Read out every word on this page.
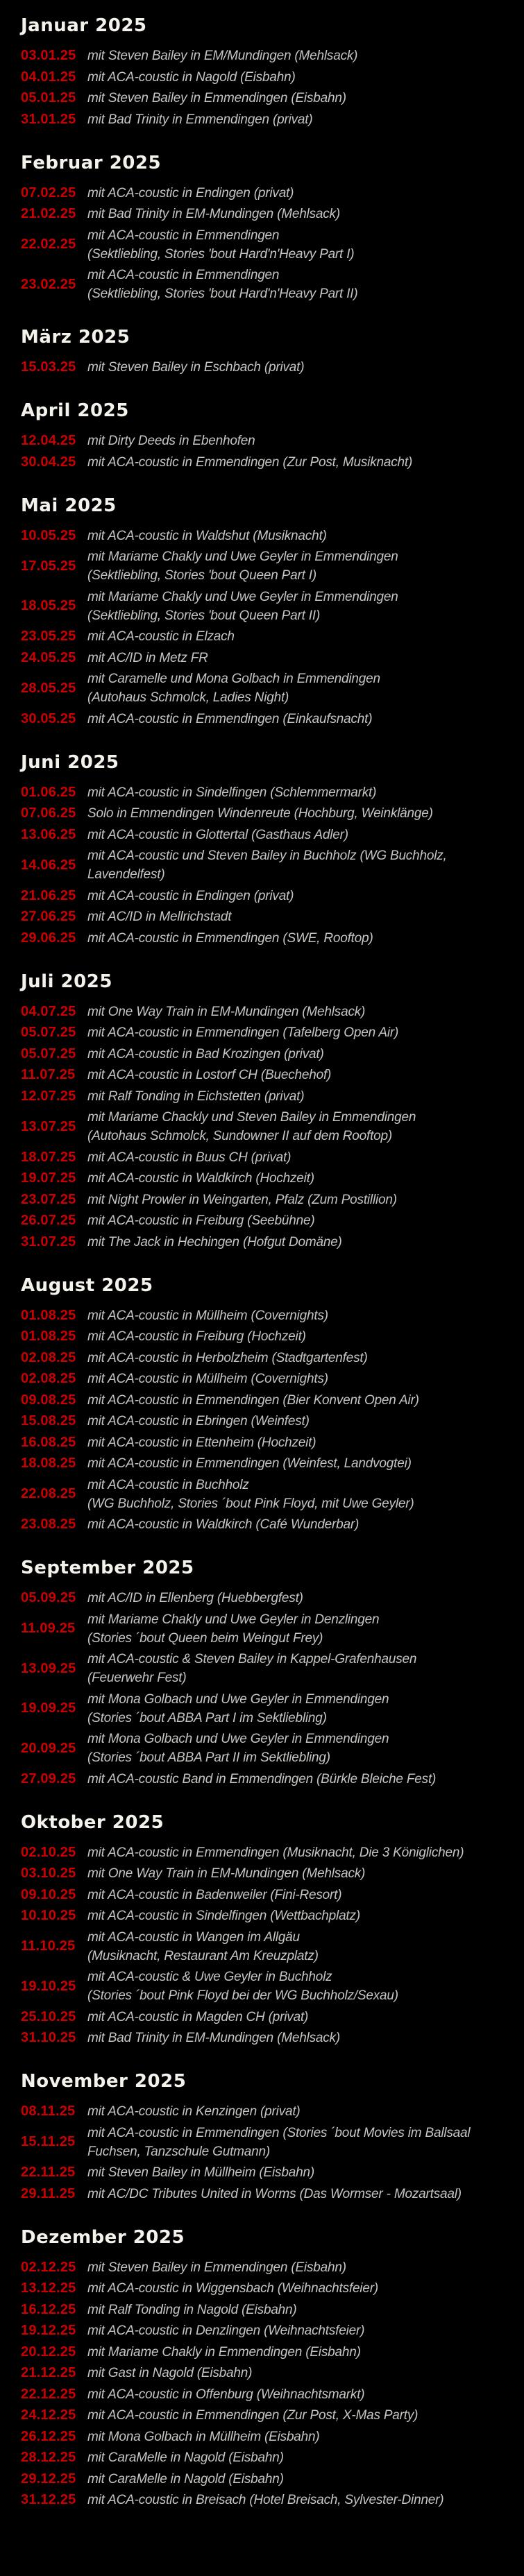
Januar 2025
03.01.25 mit Steven Bailey in EM/Mundingen (Mehlsack)
04.01.25 mit ACA-coustic in Nagold (Eisbahn)
05.01.25 mit Steven Bailey in Emmendingen (Eisbahn)
31.01.25 mit Bad Trinity in Emmendingen (privat)
Februar 2025
07.02.25 mit ACA-coustic in Endingen (privat)
21.02.25 mit Bad Trinity in EM-Mundingen (Mehlsack)
22.02.25
mit ACA-coustic in Emmendingen
(Sektliebling, Stories 'bout Hard'n'Heavy Part I)
23.02.25
mit ACA-coustic in Emmendingen
(Sektliebling, Stories 'bout Hard'n'Heavy Part II)
März 2025
15.03.25 mit Steven Bailey in Eschbach (privat)
April 2025
12.04.25 mit Dirty Deeds in Ebenhofen
30.04.25 mit ACA-coustic in Emmendingen (Zur Post, Musiknacht)
Mai 2025
10.05.25 mit ACA-coustic in Waldshut (Musiknacht)
17.05.25
mit Mariame Chakly und Uwe Geyler in Emmendingen
(Sektliebling, Stories 'bout Queen Part I)
18.05.25
mit Mariame Chakly und Uwe Geyler in Emmendingen
(Sektliebling, Stories 'bout Queen Part II)
23.05.25 mit ACA-coustic in Elzach
24.05.25 mit AC/ID in Metz FR
28.05.25
mit Caramelle und Mona Golbach in Emmendingen
(Autohaus Schmolck, Ladies Night)
30.05.25 mit ACA-coustic in Emmendingen (Einkaufsnacht)
Juni 2025
01.06.25 mit ACA-coustic in Sindelfingen (Schlemmermarkt)
07.06.25 Solo in Emmendingen Windenreute (Hochburg, Weinklänge)
13.06.25 mit ACA-coustic in Glottertal (Gasthaus Adler)
14.06.25
mit ACA-coustic und Steven Bailey in Buchholz (WG Buchholz,
Lavendelfest)
21.06.25 mit ACA-coustic in Endingen (privat)
27.06.25 mit AC/ID in Mellrichstadt
29.06.25 mit ACA-coustic in Emmendingen (SWE, Rooftop)
Juli 2025
04.07.25 mit One Way Train in EM-Mundingen (Mehlsack)
05.07.25 mit ACA-coustic in Emmendingen (Tafelberg Open Air)
05.07.25 mit ACA-coustic in Bad Krozingen (privat)
11.07.25 mit ACA-coustic in Lostorf CH (Buechehof)
12.07.25 mit Ralf Tonding in Eichstetten (privat)
13.07.25
mit Mariame Chackly und Steven Bailey in Emmendingen
(Autohaus Schmolck, Sundowner II auf dem Rooftop)
18.07.25 mit ACA-coustic in Buus CH (privat)
19.07.25 mit ACA-coustic in Waldkirch (Hochzeit)
23.07.25 mit Night Prowler in Weingarten, Pfalz (Zum Postillion)
26.07.25 mit ACA-coustic in Freiburg (Seebühne)
31.07.25 mit The Jack in Hechingen (Hofgut Domäne)
August 2025
01.08.25 mit ACA-coustic in Müllheim (Covernights)
01.08.25 mit ACA-coustic in Freiburg (Hochzeit)
02.08.25 mit ACA-coustic in Herbolzheim (Stadtgartenfest)
02.08.25 mit ACA-coustic in Müllheim (Covernights)
09.08.25 mit ACA-coustic in Emmendingen (Bier Konvent Open Air)
15.08.25 mit ACA-coustic in Ebringen (Weinfest)
16.08.25 mit ACA-coustic in Ettenheim (Hochzeit)
18.08.25 mit ACA-coustic in Emmendingen (Weinfest, Landvogtei)
22.08.25
mit ACA-coustic in Buchholz
(WG Buchholz, Stories ´bout Pink Floyd, mit Uwe Geyler)
23.08.25 mit ACA-coustic in Waldkirch (Café Wunderbar)
September 2025
05.09.25 mit AC/ID in Ellenberg (Huebbergfest)
11.09.25
mit Mariame Chakly und Uwe Geyler in Denzlingen
(Stories ´bout Queen beim Weingut Frey)
13.09.25
mit ACA-coustic & Steven Bailey in Kappel-Grafenhausen
(Feuerwehr Fest)
19.09.25
mit Mona Golbach und Uwe Geyler in Emmendingen
(Stories ´bout ABBA Part I im Sektliebling)
20.09.25
mit Mona Golbach und Uwe Geyler in Emmendingen
(Stories ´bout ABBA Part II im Sektliebling)
27.09.25 mit ACA-coustic Band in Emmendingen (Bürkle Bleiche Fest)
Oktober 2025
02.10.25 mit ACA-coustic in Emmendingen (Musiknacht, Die 3 Königlichen)
03.10.25 mit One Way Train in EM-Mundingen (Mehlsack)
09.10.25 mit ACA-coustic in Badenweiler (Fini-Resort)
10.10.25 mit ACA-coustic in Sindelfingen (Wettbachplatz)
11.10.25
mit ACA-coustic in Wangen im Allgäu
(Musiknacht, Restaurant Am Kreuzplatz)
19.10.25
mit ACA-coustic & Uwe Geyler in Buchholz
(Stories ´bout Pink Floyd bei der WG Buchholz/Sexau)
25.10.25 mit ACA-coustic in Magden CH (privat)
31.10.25 mit Bad Trinity in EM-Mundingen (Mehlsack)
November 2025
08.11.25 mit ACA-coustic in Kenzingen (privat)
15.11.25
mit ACA-coustic in Emmendingen (Stories ´bout Movies im Ballsaal
Fuchsen, Tanzschule Gutmann)
22.11.25 mit Steven Bailey in Müllheim (Eisbahn)
29.11.25 mit AC/DC Tributes United in Worms (Das Wormser - Mozartsaal)
Dezember 2025
02.12.25 mit Steven Bailey in Emmendingen (Eisbahn)
13.12.25 mit ACA-coustic in Wiggensbach (Weihnachtsfeier)
16.12.25 mit Ralf Tonding in Nagold (Eisbahn)
19.12.25 mit ACA-coustic in Denzlingen (Weihnachtsfeier)
20.12.25 mit Mariame Chakly in Emmendingen (Eisbahn)
21.12.25 mit Gast in Nagold (Eisbahn)
22.12.25 mit ACA-coustic in Offenburg (Weihnachtsmarkt)
24.12.25 mit ACA-coustic in Emmendingen (Zur Post, X-Mas Party)
26.12.25 mit Mona Golbach in Müllheim (Eisbahn)
28.12.25 mit CaraMelle in Nagold (Eisbahn)
29.12.25 mit CaraMelle in Nagold (Eisbahn)
31.12.25 mit ACA-coustic in Breisach (Hotel Breisach, Sylvester-Dinner)
